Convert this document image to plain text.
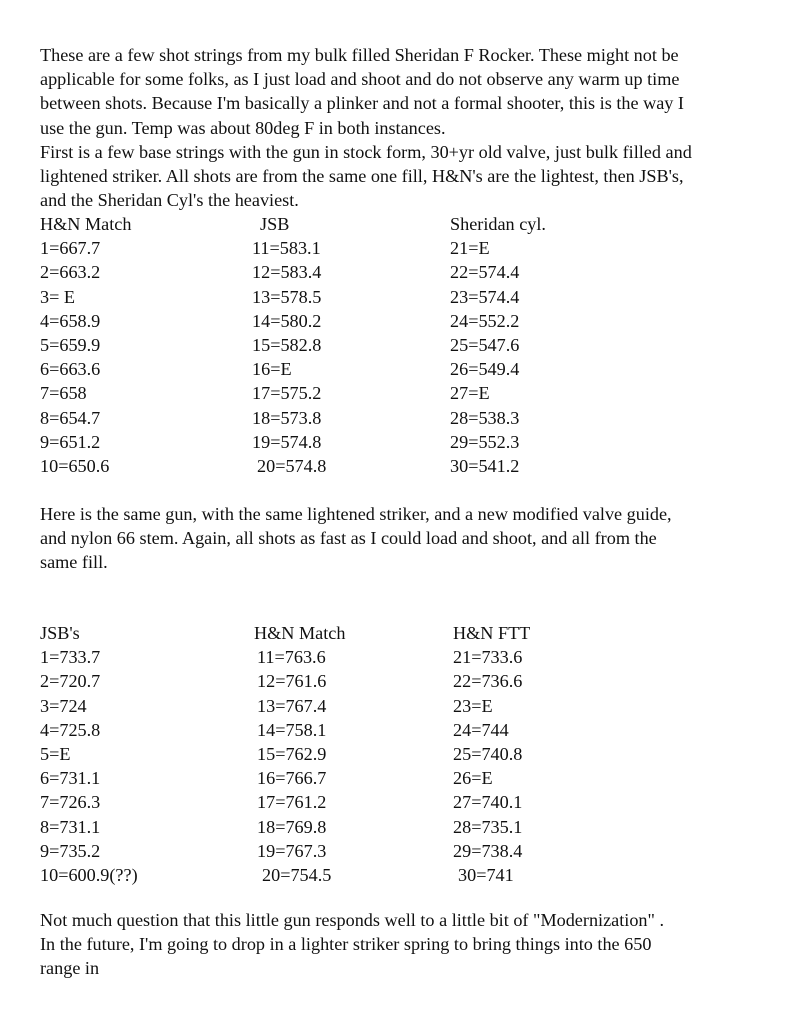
These are a few shot strings from my bulk filled Sheridan F Rocker. These might not be
applicable for some folks, as I just load and shoot and do not observe any warm up time
between shots. Because I'm basically a plinker and not a formal shooter, this is the way I
use the gun. Temp was about 80deg F in both instances.
First is a few base strings with the gun in stock form, 30+yr old valve, just bulk filled and
lightened striker. All shots are from the same one fill, H&N's are the lightest, then JSB's,
and the Sheridan Cyl's the heaviest.
H&N Match
1=667.7
2=663.2
3= E
4=658.9
5=659.9
6=663.6
7=658
8=654.7
9=651.2
10=650.6
JSB
11=583.1
12=583.4
13=578.5
14=580.2
15=582.8
16=E
17=575.2
18=573.8
19=574.8
20=574.8
Sheridan cyl.
21=E
22=574.4
23=574.4
24=552.2
25=547.6
26=549.4
27=E
28=538.3
29=552.3
30=541.2
Here is the same gun, with the same lightened striker, and a new modified valve guide,
and nylon 66 stem. Again, all shots as fast as I could load and shoot, and all from the
same fill.
JSB's
1=733.7
2=720.7
3=724
4=725.8
5=E
6=731.1
7=726.3
8=731.1
9=735.2
10=600.9(??)
H&N Match
11=763.6
12=761.6
13=767.4
14=758.1
15=762.9
16=766.7
17=761.2
18=769.8
19=767.3
20=754.5
H&N FTT
21=733.6
22=736.6
23=E
24=744
25=740.8
26=E
27=740.1
28=735.1
29=738.4
30=741
Not much question that this little gun responds well to a little bit of "Modernization" .
In the future, I'm going to drop in a lighter striker spring to bring things into the 650
range in
